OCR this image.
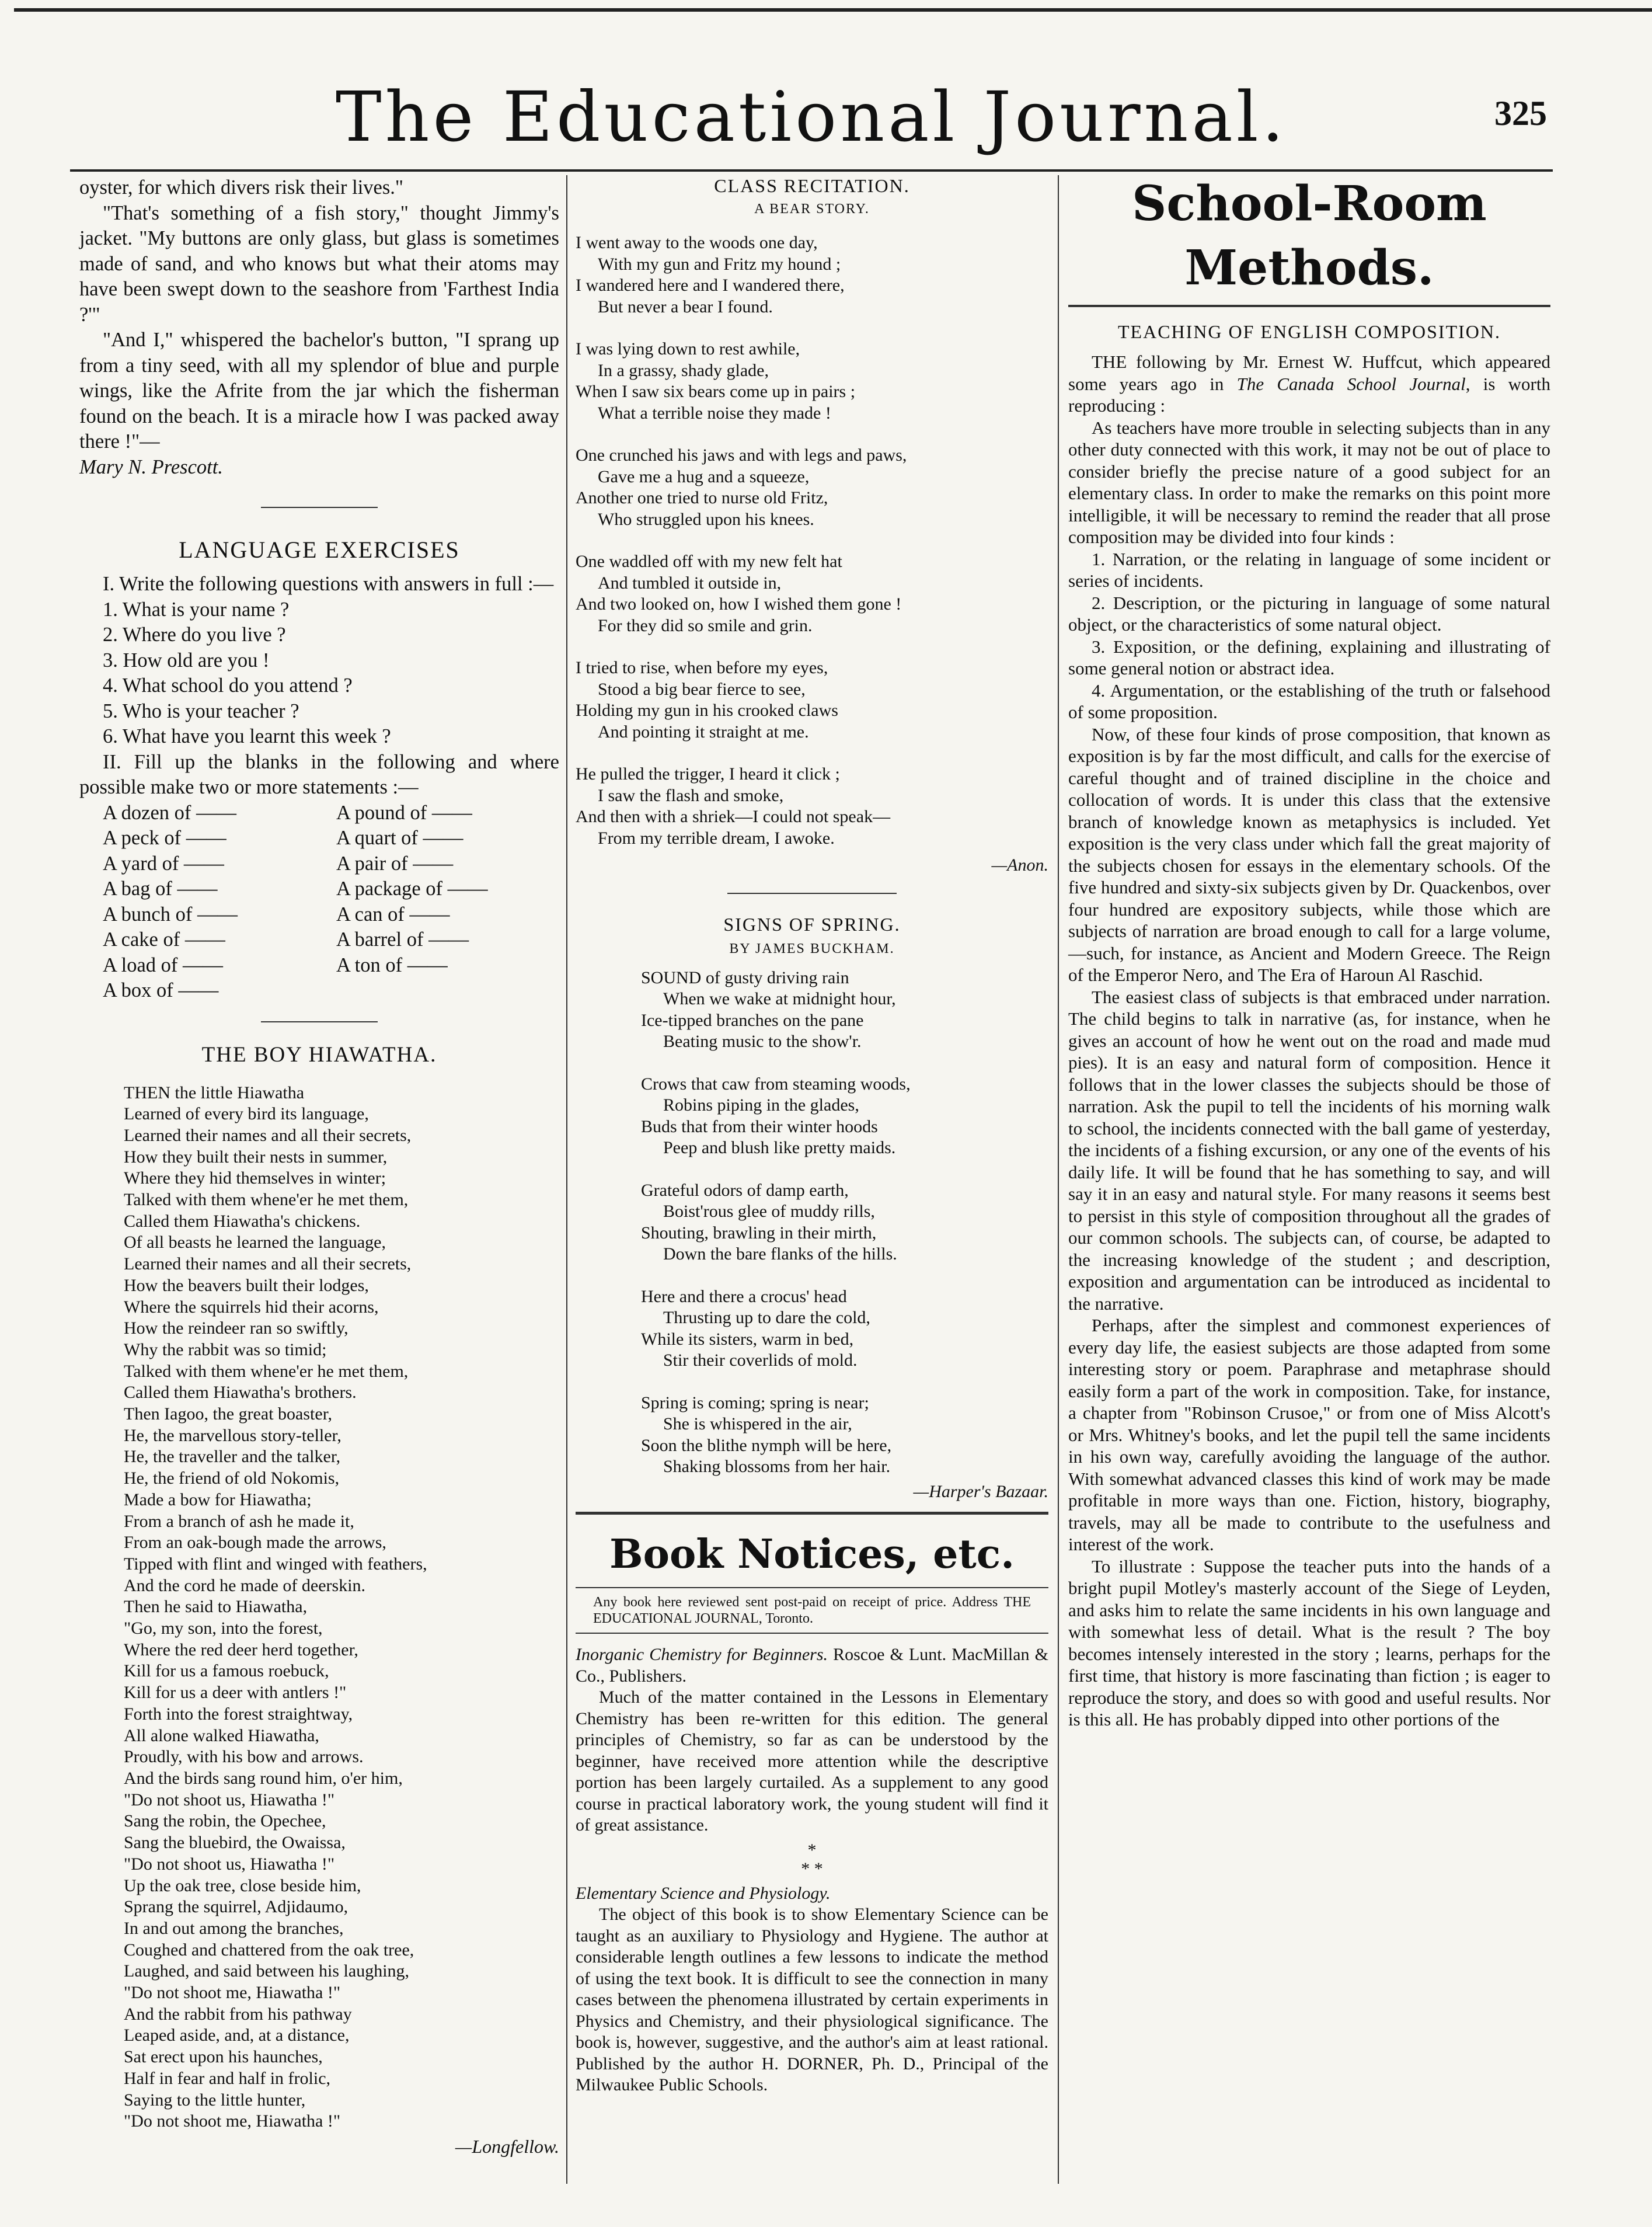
The Educational Journal.	325

oyster, for which divers risk their lives."

"That's something of a fish story," thought Jimmy's jacket. "My buttons are only glass, but glass is sometimes made of sand, and who knows but what their atoms may have been swept down to the seashore from 'Farthest India ?'"

"And I," whispered the bachelor's button, "I sprang up from a tiny seed, with all my splendor of blue and purple wings, like the Afrite from the jar which the fisherman found on the beach. It is a miracle how I was packed away there !"—

Mary N. Prescott.

LANGUAGE EXERCISES

I. Write the following questions with answers in full :—

1. What is your name ?
2. Where do you live ?
3. How old are you !
4. What school do you attend ?
5. Who is your teacher ?
6. What have you learnt this week ?

II. Fill up the blanks in the following and where possible make two or more statements :—

A dozen of ——	A pound of ——
A peck of ——	A quart of ——
A yard of ——	A pair of ——
A bag of ——	A package of ——
A bunch of ——	A can of ——
A cake of ——	A barrel of ——
A load of ——	A ton of ——
A box of ——
THE BOY HIAWATHA.
THEN the little Hiawatha
Learned of every bird its language,
Learned their names and all their secrets,
How they built their nests in summer,
Where they hid themselves in winter;
Talked with them whene'er he met them,
Called them Hiawatha's chickens.
Of all beasts he learned the language,
Learned their names and all their secrets,
How the beavers built their lodges,
Where the squirrels hid their acorns,
How the reindeer ran so swiftly,
Why the rabbit was so timid;
Talked with them whene'er he met them,
Called them Hiawatha's brothers.
Then Iagoo, the great boaster,
He, the marvellous story-teller,
He, the traveller and the talker,
He, the friend of old Nokomis,
Made a bow for Hiawatha;
From a branch of ash he made it,
From an oak-bough made the arrows,
Tipped with flint and winged with feathers,
And the cord he made of deerskin.
Then he said to Hiawatha,
"Go, my son, into the forest,
Where the red deer herd together,
Kill for us a famous roebuck,
Kill for us a deer with antlers !"
Forth into the forest straightway,
All alone walked Hiawatha,
Proudly, with his bow and arrows.
And the birds sang round him, o'er him,
"Do not shoot us, Hiawatha !"
Sang the robin, the Opechee,
Sang the bluebird, the Owaissa,
"Do not shoot us, Hiawatha !"
Up the oak tree, close beside him,
Sprang the squirrel, Adjidaumo,
In and out among the branches,
Coughed and chattered from the oak tree,
Laughed, and said between his laughing,
"Do not shoot me, Hiawatha !"
And the rabbit from his pathway
Leaped aside, and, at a distance,
Sat erect upon his haunches,
Half in fear and half in frolic,
Saying to the little hunter,
"Do not shoot me, Hiawatha !"
—Longfellow.
CLASS RECITATION.
A BEAR STORY.
I went away to the woods one day,
With my gun and Fritz my hound ;
I wandered here and I wandered there,
But never a bear I found.
I was lying down to rest awhile,
In a grassy, shady glade,
When I saw six bears come up in pairs ;
What a terrible noise they made !
One crunched his jaws and with legs and paws,
Gave me a hug and a squeeze,
Another one tried to nurse old Fritz,
Who struggled upon his knees.
One waddled off with my new felt hat
And tumbled it outside in,
And two looked on, how I wished them gone !
For they did so smile and grin.
I tried to rise, when before my eyes,
Stood a big bear fierce to see,
Holding my gun in his crooked claws
And pointing it straight at me.
He pulled the trigger, I heard it click ;
I saw the flash and smoke,
And then with a shriek—I could not speak—
From my terrible dream, I awoke.
—Anon.
SIGNS OF SPRING.
BY JAMES BUCKHAM.
SOUND of gusty driving rain
When we wake at midnight hour,
Ice-tipped branches on the pane
Beating music to the show'r.
Crows that caw from steaming woods,
Robins piping in the glades,
Buds that from their winter hoods
Peep and blush like pretty maids.
Grateful odors of damp earth,
Boist'rous glee of muddy rills,
Shouting, brawling in their mirth,
Down the bare flanks of the hills.
Here and there a crocus' head
Thrusting up to dare the cold,
While its sisters, warm in bed,
Stir their coverlids of mold.
Spring is coming; spring is near;
She is whispered in the air,
Soon the blithe nymph will be here,
Shaking blossoms from her hair.
—Harper's Bazaar.
Book Notices, etc.
Any book here reviewed sent post-paid on receipt of price. Address THE EDUCATIONAL JOURNAL, Toronto.

Inorganic Chemistry for Beginners. Roscoe & Lunt. MacMillan & Co., Publishers.

Much of the matter contained in the Lessons in Elementary Chemistry has been re-written for this edition. The general principles of Chemistry, so far as can be understood by the beginner, have received more attention while the descriptive portion has been largely curtailed. As a supplement to any good course in practical laboratory work, the young student will find it of great assistance.

*
* *

Elementary Science and Physiology.

The object of this book is to show Elementary Science can be taught as an auxiliary to Physiology and Hygiene. The author at considerable length outlines a few lessons to indicate the method of using the text book. It is difficult to see the connection in many cases between the phenomena illustrated by certain experiments in Physics and Chemistry, and their physiological significance. The book is, however, suggestive, and the author's aim at least rational. Published by the author H. DORNER, Ph. D., Principal of the Milwaukee Public Schools.

School-Room Methods.
TEACHING OF ENGLISH COMPOSITION.

THE following by Mr. Ernest W. Huffcut, which appeared some years ago in The Canada School Journal, is worth reproducing :

As teachers have more trouble in selecting subjects than in any other duty connected with this work, it may not be out of place to consider briefly the precise nature of a good subject for an elementary class. In order to make the remarks on this point more intelligible, it will be necessary to remind the reader that all prose composition may be divided into four kinds :

1. Narration, or the relating in language of some incident or series of incidents.

2. Description, or the picturing in language of some natural object, or the characteristics of some natural object.

3. Exposition, or the defining, explaining and illustrating of some general notion or abstract idea.

4. Argumentation, or the establishing of the truth or falsehood of some proposition.

Now, of these four kinds of prose composition, that known as exposition is by far the most difficult, and calls for the exercise of careful thought and of trained discipline in the choice and collocation of words. It is under this class that the extensive branch of knowledge known as metaphysics is included. Yet exposition is the very class under which fall the great majority of the subjects chosen for essays in the elementary schools. Of the five hundred and sixty-six subjects given by Dr. Quackenbos, over four hundred are expository subjects, while those which are subjects of narration are broad enough to call for a large volume,—such, for instance, as Ancient and Modern Greece. The Reign of the Emperor Nero, and The Era of Haroun Al Raschid.

The easiest class of subjects is that embraced under narration. The child begins to talk in narrative (as, for instance, when he gives an account of how he went out on the road and made mud pies). It is an easy and natural form of composition. Hence it follows that in the lower classes the subjects should be those of narration. Ask the pupil to tell the incidents of his morning walk to school, the incidents connected with the ball game of yesterday, the incidents of a fishing excursion, or any one of the events of his daily life. It will be found that he has something to say, and will say it in an easy and natural style. For many reasons it seems best to persist in this style of composition throughout all the grades of our common schools. The subjects can, of course, be adapted to the increasing knowledge of the student ; and description, exposition and argumentation can be introduced as incidental to the narrative.

Perhaps, after the simplest and commonest experiences of every day life, the easiest subjects are those adapted from some interesting story or poem. Paraphrase and metaphrase should easily form a part of the work in composition. Take, for instance, a chapter from "Robinson Crusoe," or from one of Miss Alcott's or Mrs. Whitney's books, and let the pupil tell the same incidents in his own way, carefully avoiding the language of the author. With somewhat advanced classes this kind of work may be made profitable in more ways than one. Fiction, history, biography, travels, may all be made to contribute to the usefulness and interest of the work.

To illustrate : Suppose the teacher puts into the hands of a bright pupil Motley's masterly account of the Siege of Leyden, and asks him to relate the same incidents in his own language and with somewhat less of detail. What is the result ? The boy becomes intensely interested in the story ; learns, perhaps for the first time, that history is more fascinating than fiction ; is eager to reproduce the story, and does so with good and useful results. Nor is this all. He has probably dipped into other portions of the
